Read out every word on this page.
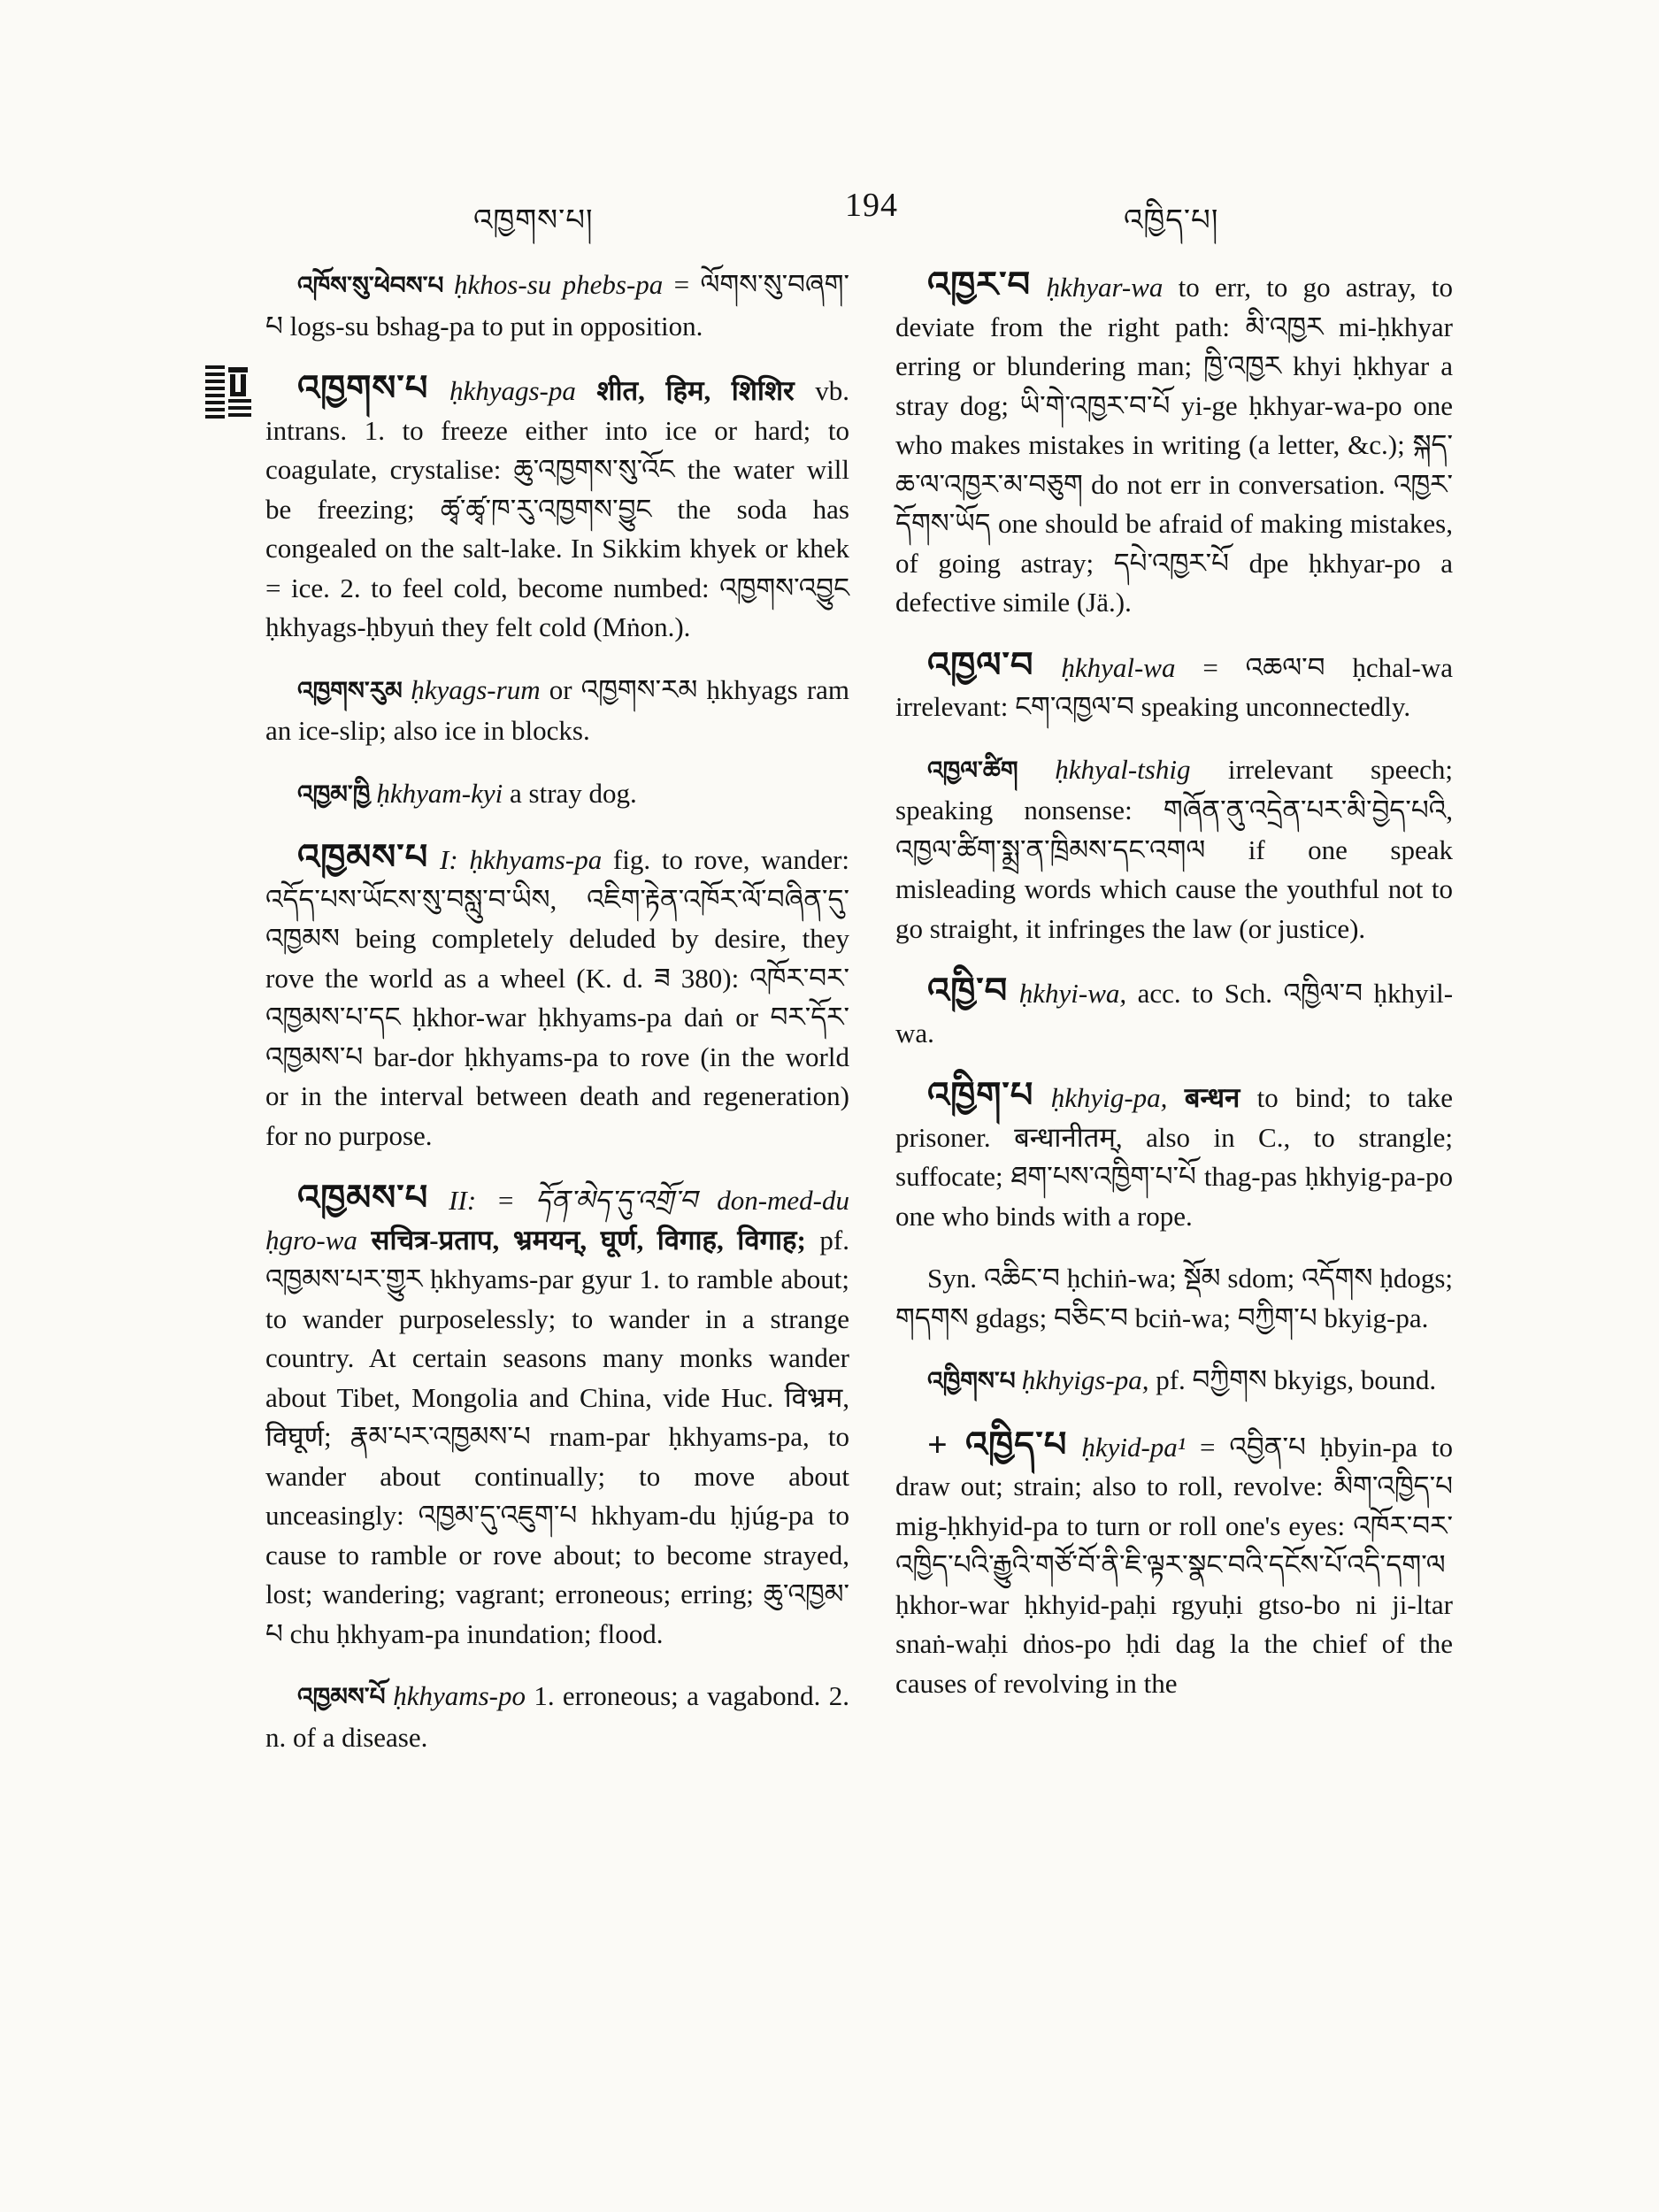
འཁྱགས་པ།	194	འཁྱིད་པ།

འཁོས་སུ་ཕེབས་པ ḥkhos-su phebs-pa = ལོགས་སུ་བཞག་པ logs-su bshag-pa to put in opposition.

འཁྱགས་པ ḥkhyags-pa शीत, हिम, शिशिर vb. intrans. 1. to freeze either into ice or hard; to coagulate, crystalise: ཆུ་འཁྱགས་སུ་འོང the water will be freezing; ཚྭ་ཚྭ་ཁ་རུ་འཁྱགས་བྱུང the soda has congealed on the salt-lake. In Sikkim khyek or khek = ice. 2. to feel cold, become numbed: འཁྱགས་འབྱུང ḥkhyags-ḥbyuṅ they felt cold (Mṅon.).

འཁྱགས་རུམ ḥkyags-rum or འཁྱགས་རམ ḥkhyags ram an ice-slip; also ice in blocks.

འཁྱམ་ཁྱི ḥkhyam-kyi a stray dog.

འཁྱམས་པ I: ḥkhyams-pa fig. to rove, wander: འདོད་པས་ཡོངས་སུ་བསླུ་བ་ཡིས, འཇིག་རྟེན་འཁོར་ལོ་བཞིན་དུ་འཁྱམས being completely deluded by desire, they rove the world as a wheel (K. d. ཟ 380): འཁོར་བར་འཁྱམས་པ་དང ḥkhor-war ḥkhyams-pa daṅ or བར་དོར་འཁྱམས་པ bar-dor ḥkhyams-pa to rove (in the world or in the interval between death and regeneration) for no purpose.

འཁྱམས་པ II: = དོན་མེད་དུ་འགྲོ་བ don-med-du ḥgro-wa सचित्र-प्रताप, भ्रमयन्, घूर्ण, विगाह, विगाह; pf. འཁྱམས་པར་གྱུར ḥkhyams-par gyur 1. to ramble about; to wander purposelessly; to wander in a strange country. At certain seasons many monks wander about Tibet, Mongolia and China, vide Huc. विभ्रम, विघूर्ण; རྣམ་པར་འཁྱམས་པ rnam-par ḥkhyams-pa, to wander about continually; to move about unceasingly: འཁྱམ་དུ་འཇུག་པ hkhyam-du ḥjúg-pa to cause to ramble or rove about; to become strayed, lost; wandering; vagrant; erroneous; erring; ཆུ་འཁྱམ་པ chu ḥkhyam-pa inundation; flood.

འཁྱམས་པོ ḥkhyams-po 1. erroneous; a vagabond. 2. n. of a disease.

འཁྱར་བ ḥkhyar-wa to err, to go astray, to deviate from the right path: མི་འཁྱར mi-ḥkhyar erring or blundering man; ཁྱི་འཁྱར khyi ḥkhyar a stray dog; ཡི་གེ་འཁྱར་བ་པོ yi-ge ḥkhyar-wa-po one who makes mistakes in writing (a letter, &c.); སྐད་ཆ་ལ་འཁྱར་མ་བཅུག do not err in conversation. འཁྱར་དོགས་ཡོད one should be afraid of making mistakes, of going astray; དཔེ་འཁྱར་པོ dpe ḥkhyar-po a defective simile (Jä.).

འཁྱལ་བ ḥkhyal-wa = འཆལ་བ ḥchal-wa irrelevant: ངག་འཁྱལ་བ speaking unconnectedly.

འཁྱལ་ཚིག ḥkhyal-tshig irrelevant speech; speaking nonsense: གཞོན་ནུ་འདྲེན་པར་མི་བྱེད་པའི, འཁྱལ་ཚིག་སྨྲ་ན་ཁྲིམས་དང་འགལ if one speak misleading words which cause the youthful not to go straight, it infringes the law (or justice).

འཁྱི་བ ḥkhyi-wa, acc. to Sch. འཁྱིལ་བ ḥkhyil-wa.

འཁྱིག་པ ḥkhyig-pa, बन्धन to bind; to take prisoner. बन्धानीतम्, also in C., to strangle; suffocate; ཐག་པས་འཁྱིག་པ་པོ thag-pas ḥkhyig-pa-po one who binds with a rope.

Syn. འཆིང་བ ḥchiṅ-wa; སྡོམ sdom; འདོགས ḥdogs; གདགས gdags; བཅིང་བ bciṅ-wa; བཀྱིག་པ bkyig-pa.

འཁྱིགས་པ ḥkhyigs-pa, pf. བཀྱིགས bkyigs, bound.

+ འཁྱིད་པ ḥkyid-pa¹ = འབྱིན་པ ḥbyin-pa to draw out; strain; also to roll, revolve: མིག་འཁྱིད་པ mig-ḥkhyid-pa to turn or roll one's eyes: འཁོར་བར་འཁྱིད་པའི་རྒྱུའི་གཙོ་བོ་ནི་ཇི་ལྟར་སྣང་བའི་དངོས་པོ་འདི་དག་ལ ḥkhor-war ḥkhyid-paḥi rgyuḥi gtso-bo ni ji-ltar snaṅ-waḥi dṅos-po ḥdi dag la the chief of the causes of revolving in the
